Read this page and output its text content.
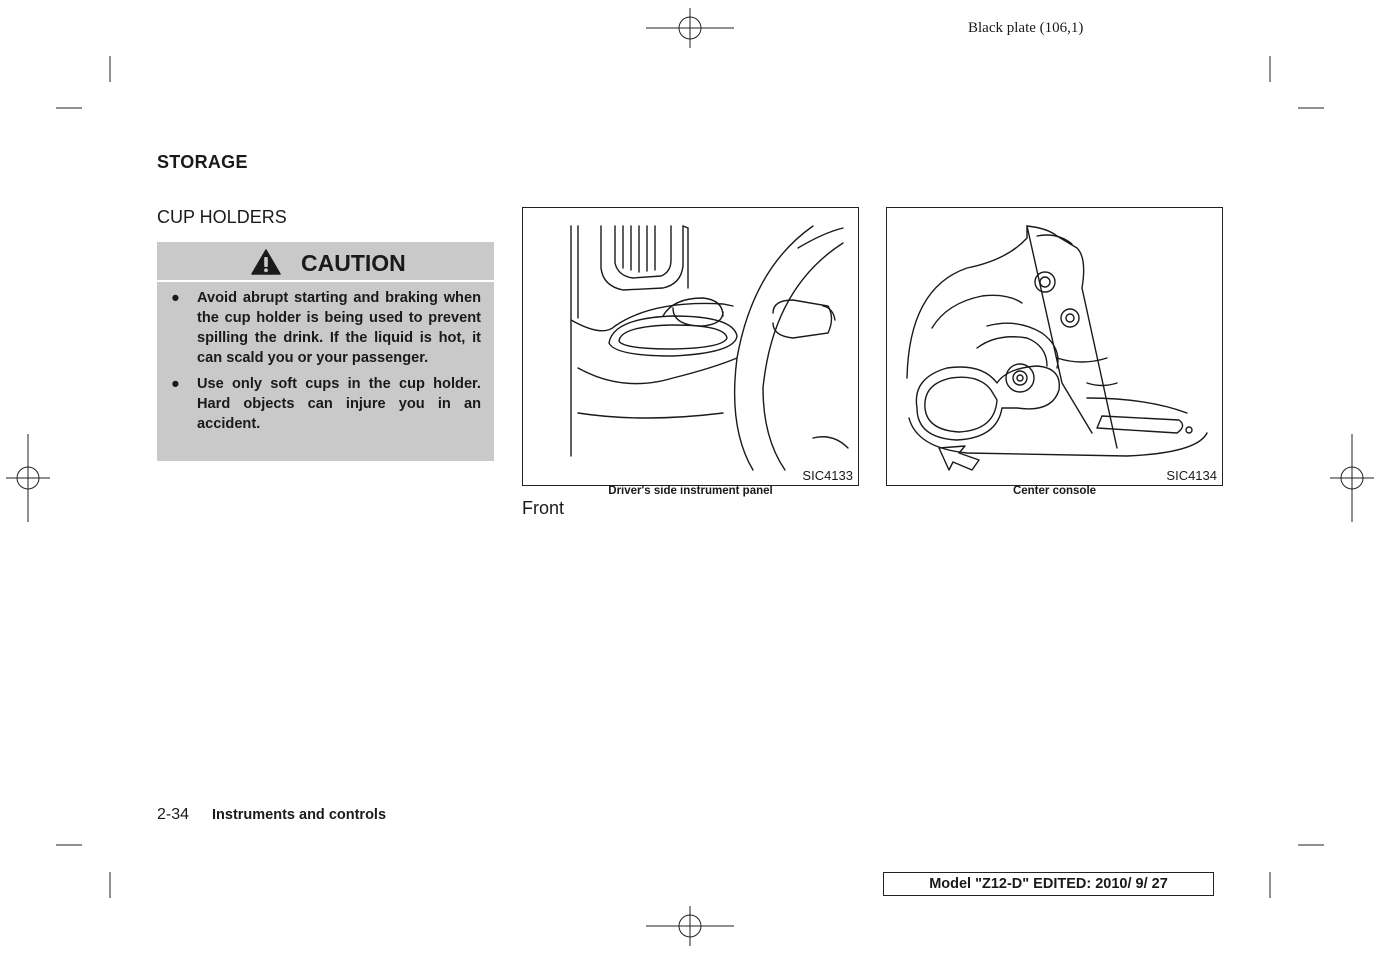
Black plate (106,1)
STORAGE
CUP HOLDERS
CAUTION
● Avoid abrupt starting and braking when the cup holder is being used to prevent spilling the drink. If the liquid is hot, it can scald you or your passenger.
● Use only soft cups in the cup holder. Hard objects can injure you in an accident.
SIC4133
Driver's side instrument panel
SIC4134
Center console
Front
2-34 Instruments and controls
Model "Z12-D" EDITED: 2010/ 9/ 27
